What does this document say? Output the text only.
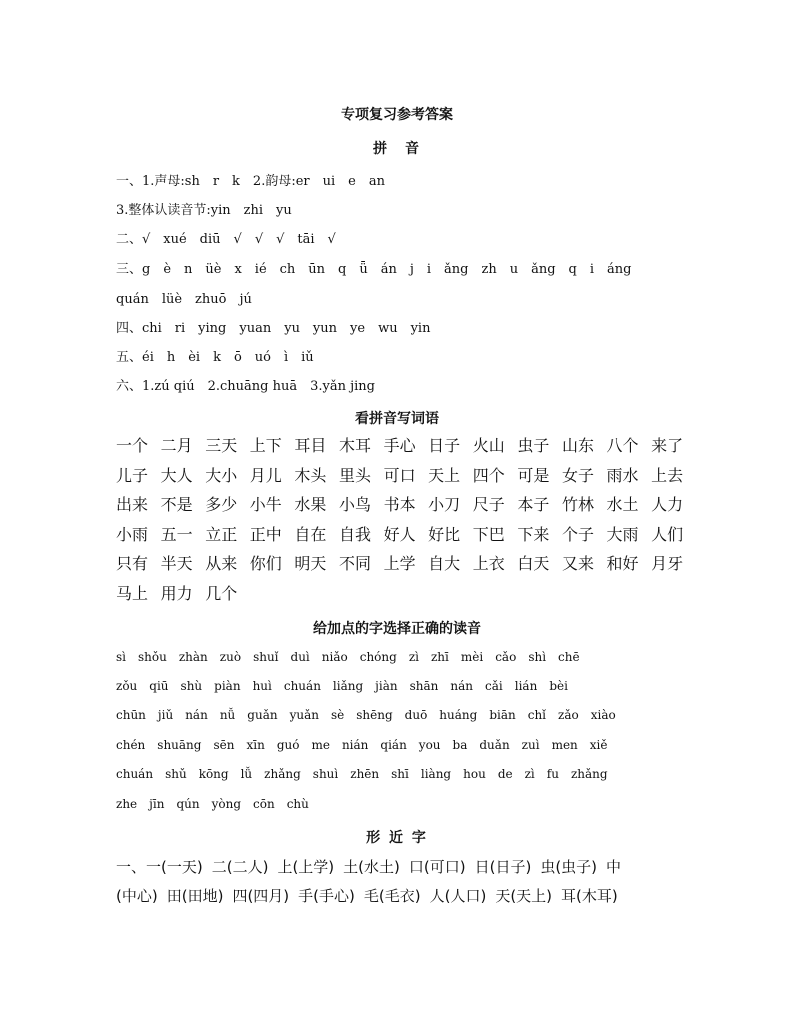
专项复习参考答案
拼　音
一、1.声母:sh　r　k　2.韵母:er　ui　e　an
3.整体认读音节:yin　zhi　yu
二、√　xué　diū　√　√　√　tāi　√
三、g　è　n　üè　x　ié　ch　ūn　q　ǖ　án　j　i　ǎng　zh　u　ǎng　q　i　áng
quán　lüè　zhuō　jú
四、chi　ri　ying　yuan　yu　yun　ye　wu　yin
五、éi　h　èi　k　ō　uó　ì　iǔ
六、1.zú qiú　2.chuāng huā　3.yǎn jing
看拼音写词语
一个 二月 三天 上下 耳目 木耳 手心 日子 火山 虫子 山东 八个 来了
儿子 大人 大小 月儿 木头 里头 可口 天上 四个 可是 女子 雨水 上去
出来 不是 多少 小牛 水果 小鸟 书本 小刀 尺子 本子 竹林 水土 人力
小雨 五一 立正 正中 自在 自我 好人 好比 下巴 下来 个子 大雨 人们
只有 半天 从来 你们 明天 不同 上学 自大 上衣 白天 又来 和好 月牙
马上 用力 几个
给加点的字选择正确的读音
sì shǒu zhàn zuò shuǐ duì niǎo chóng zì zhī mèi cǎo shì chē
zǒu qiū shù piàn huì chuán liǎng jiàn shān nán cǎi lián bèi
chūn jiǔ nán nǚ guǎn yuǎn sè shēng duō huáng biān chǐ zǎo xiào
chén shuāng sēn xīn guó me nián qián you ba duǎn zuì men xiě
chuán shǔ kōng lǚ zhǎng shuì zhēn shī liàng hou de zì fu zhǎng
zhe jīn qún yòng cōn chù
形 近 字
一、一(一天) 二(二人) 上(上学) 土(水土) 口(可口) 日(日子) 虫(虫子) 中
(中心) 田(田地) 四(四月) 手(手心) 毛(毛衣) 人(人口) 天(天上) 耳(木耳)
